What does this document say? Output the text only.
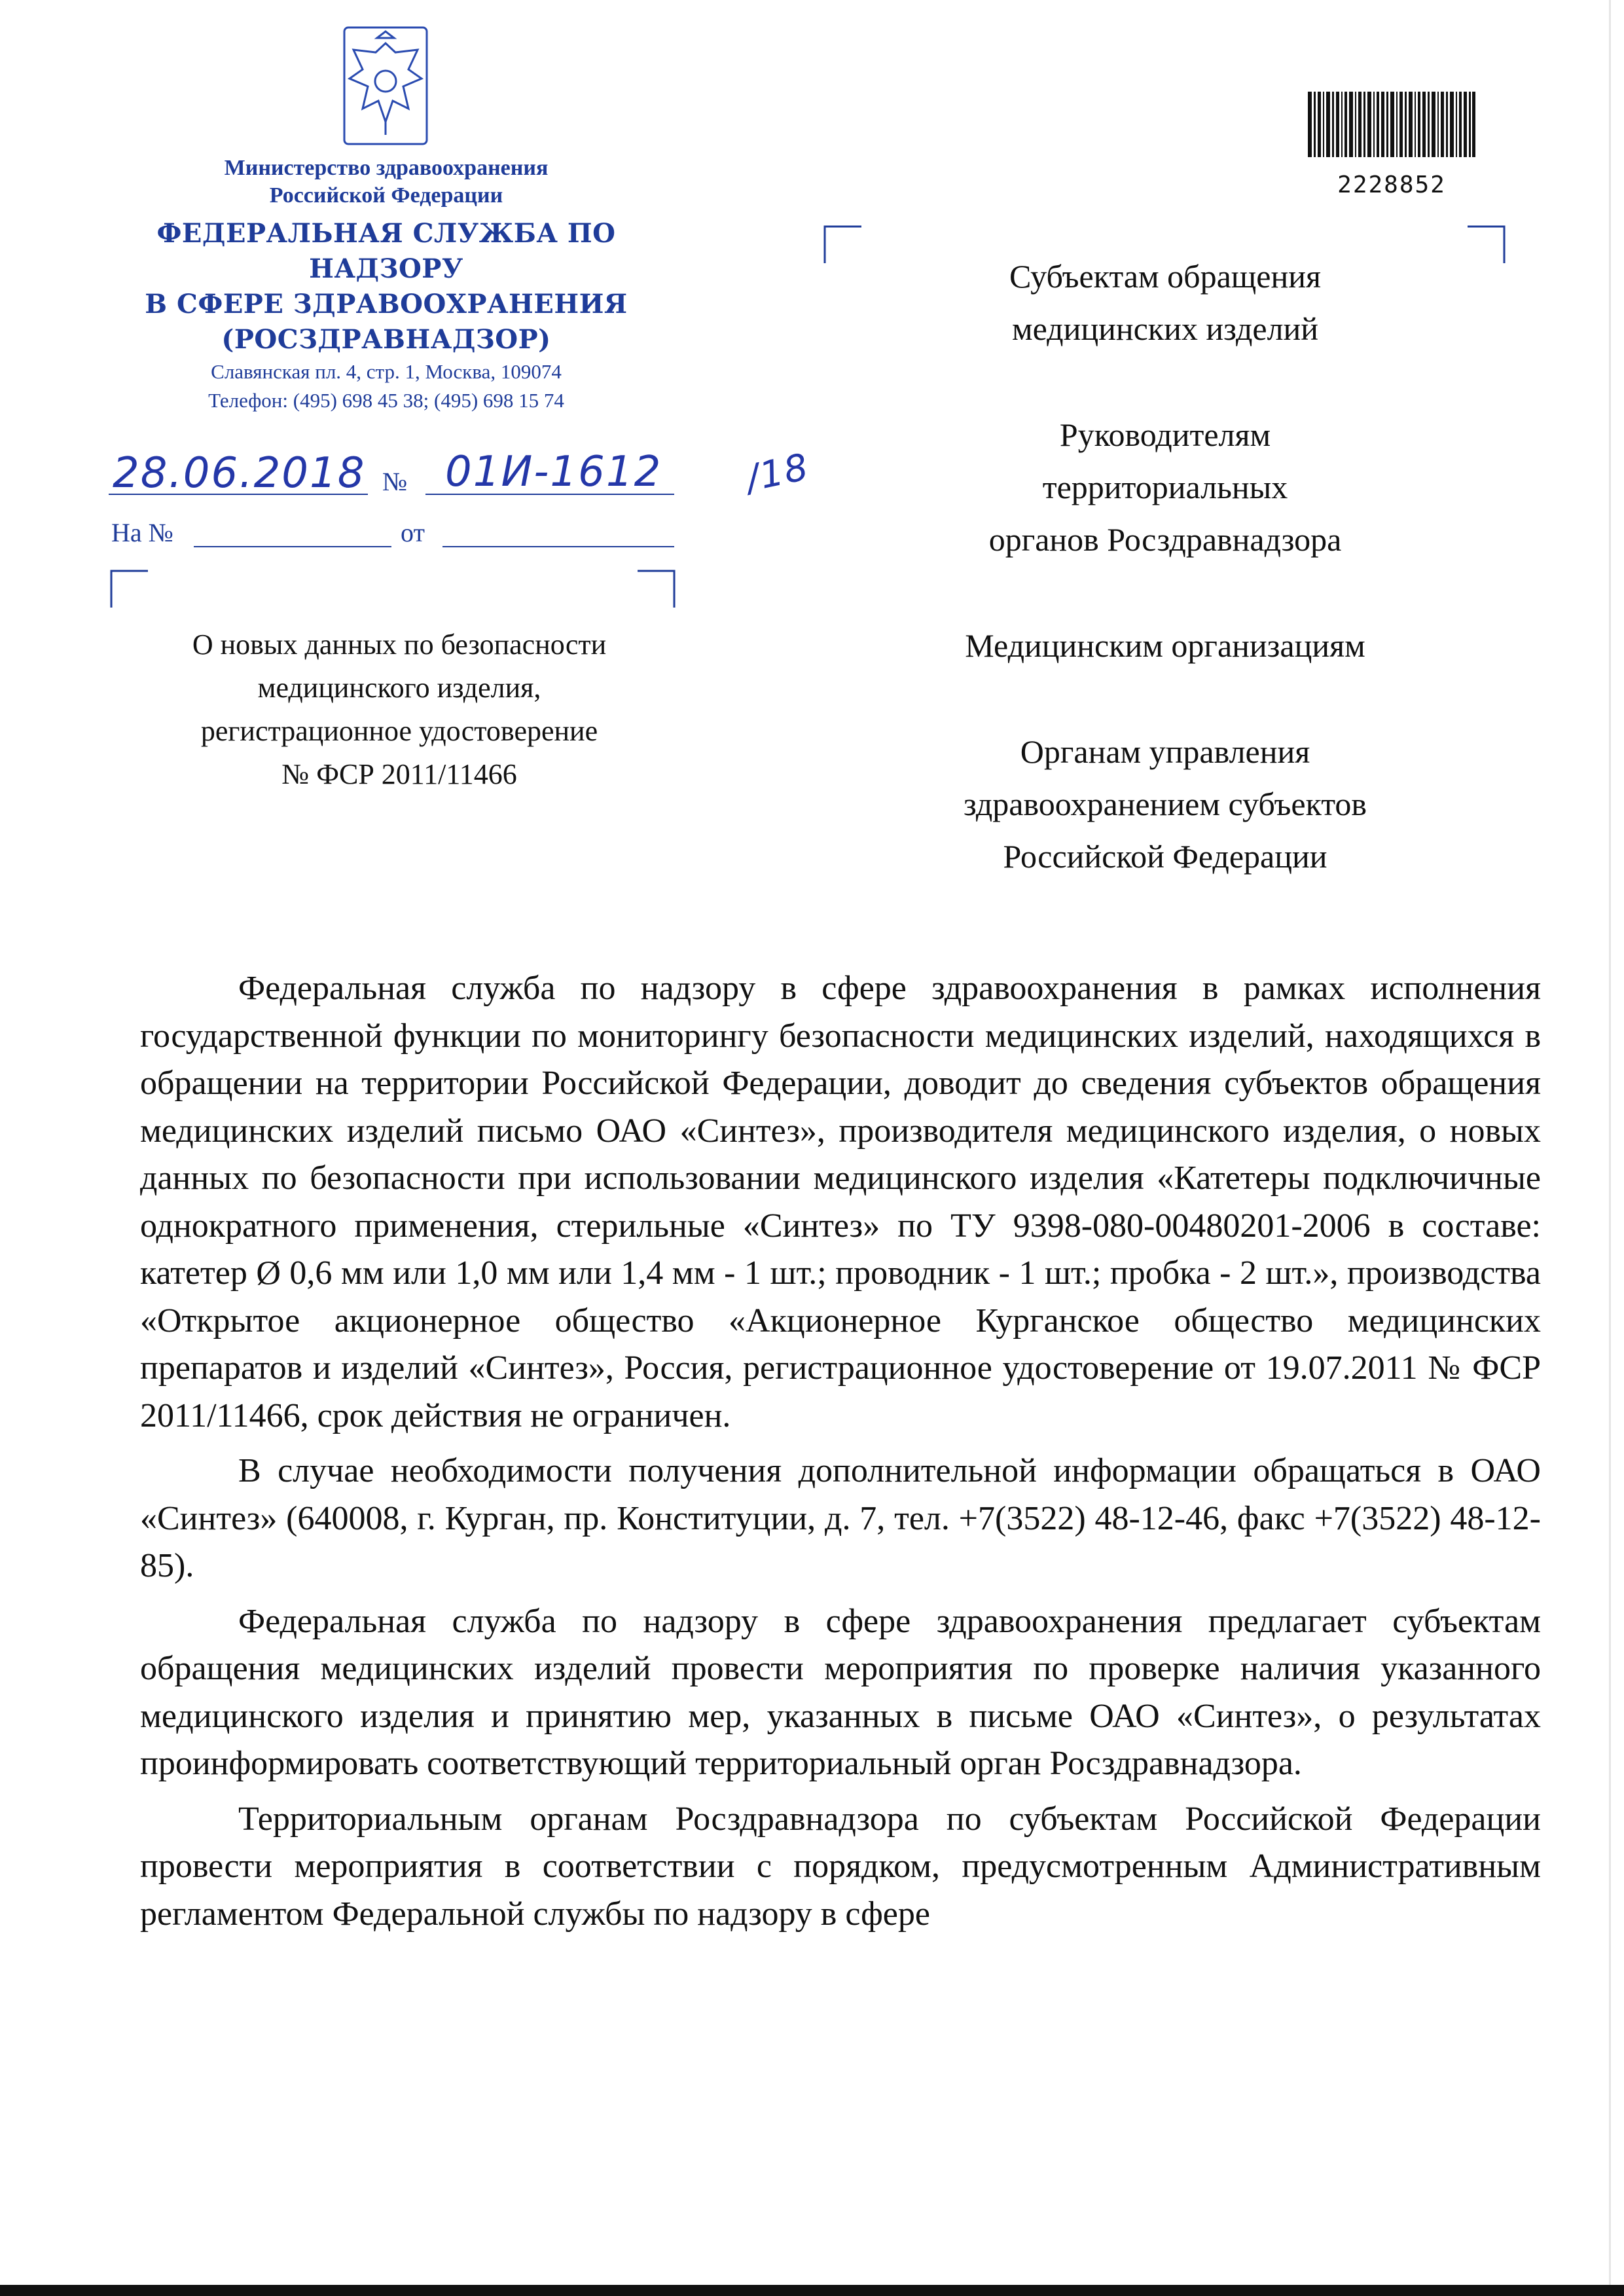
Министерство здравоохранения
Российской Федерации
ФЕДЕРАЛЬНАЯ СЛУЖБА ПО НАДЗОРУ
В СФЕРЕ ЗДРАВООХРАНЕНИЯ
(РОСЗДРАВНАДЗОР)
Славянская пл. 4, стр. 1, Москва, 109074
Телефон: (495) 698 45 38; (495) 698 15 74
28.06.2018 № 01И-1612 /18
На №	от
О новых данных по безопасности
медицинского изделия,
регистрационное удостоверение
№ ФСР 2011/11466
2228852
Субъектам обращения
медицинских изделий
Руководителям
территориальных
органов Росздравнадзора
Медицинским организациям
Органам управления
здравоохранением субъектов
Российской Федерации

Федеральная служба по надзору в сфере здравоохранения в рамках исполнения государственной функции по мониторингу безопасности медицинских изделий, находящихся в обращении на территории Российской Федерации, доводит до сведения субъектов обращения медицинских изделий письмо ОАО «Синтез», производителя медицинского изделия, о новых данных по безопасности при использовании медицинского изделия «Катетеры подключичные однократного применения, стерильные «Синтез» по ТУ 9398-080-00480201-2006 в составе: катетер Ø 0,6 мм или 1,0 мм или 1,4 мм - 1 шт.; проводник - 1 шт.; пробка - 2 шт.», производства «Открытое акционерное общество «Акционерное Курганское общество медицинских препаратов и изделий «Синтез», Россия, регистрационное удостоверение от 19.07.2011 № ФСР 2011/11466, срок действия не ограничен.

В случае необходимости получения дополнительной информации обращаться в ОАО «Синтез» (640008, г. Курган, пр. Конституции, д. 7, тел. +7(3522) 48-12-46, факс +7(3522) 48-12-85).

Федеральная служба по надзору в сфере здравоохранения предлагает субъектам обращения медицинских изделий провести мероприятия по проверке наличия указанного медицинского изделия и принятию мер, указанных в письме ОАО «Синтез», о результатах проинформировать соответствующий территориальный орган Росздравнадзора.

Территориальным органам Росздравнадзора по субъектам Российской Федерации провести мероприятия в соответствии с порядком, предусмотренным Административным регламентом Федеральной службы по надзору в сфере
